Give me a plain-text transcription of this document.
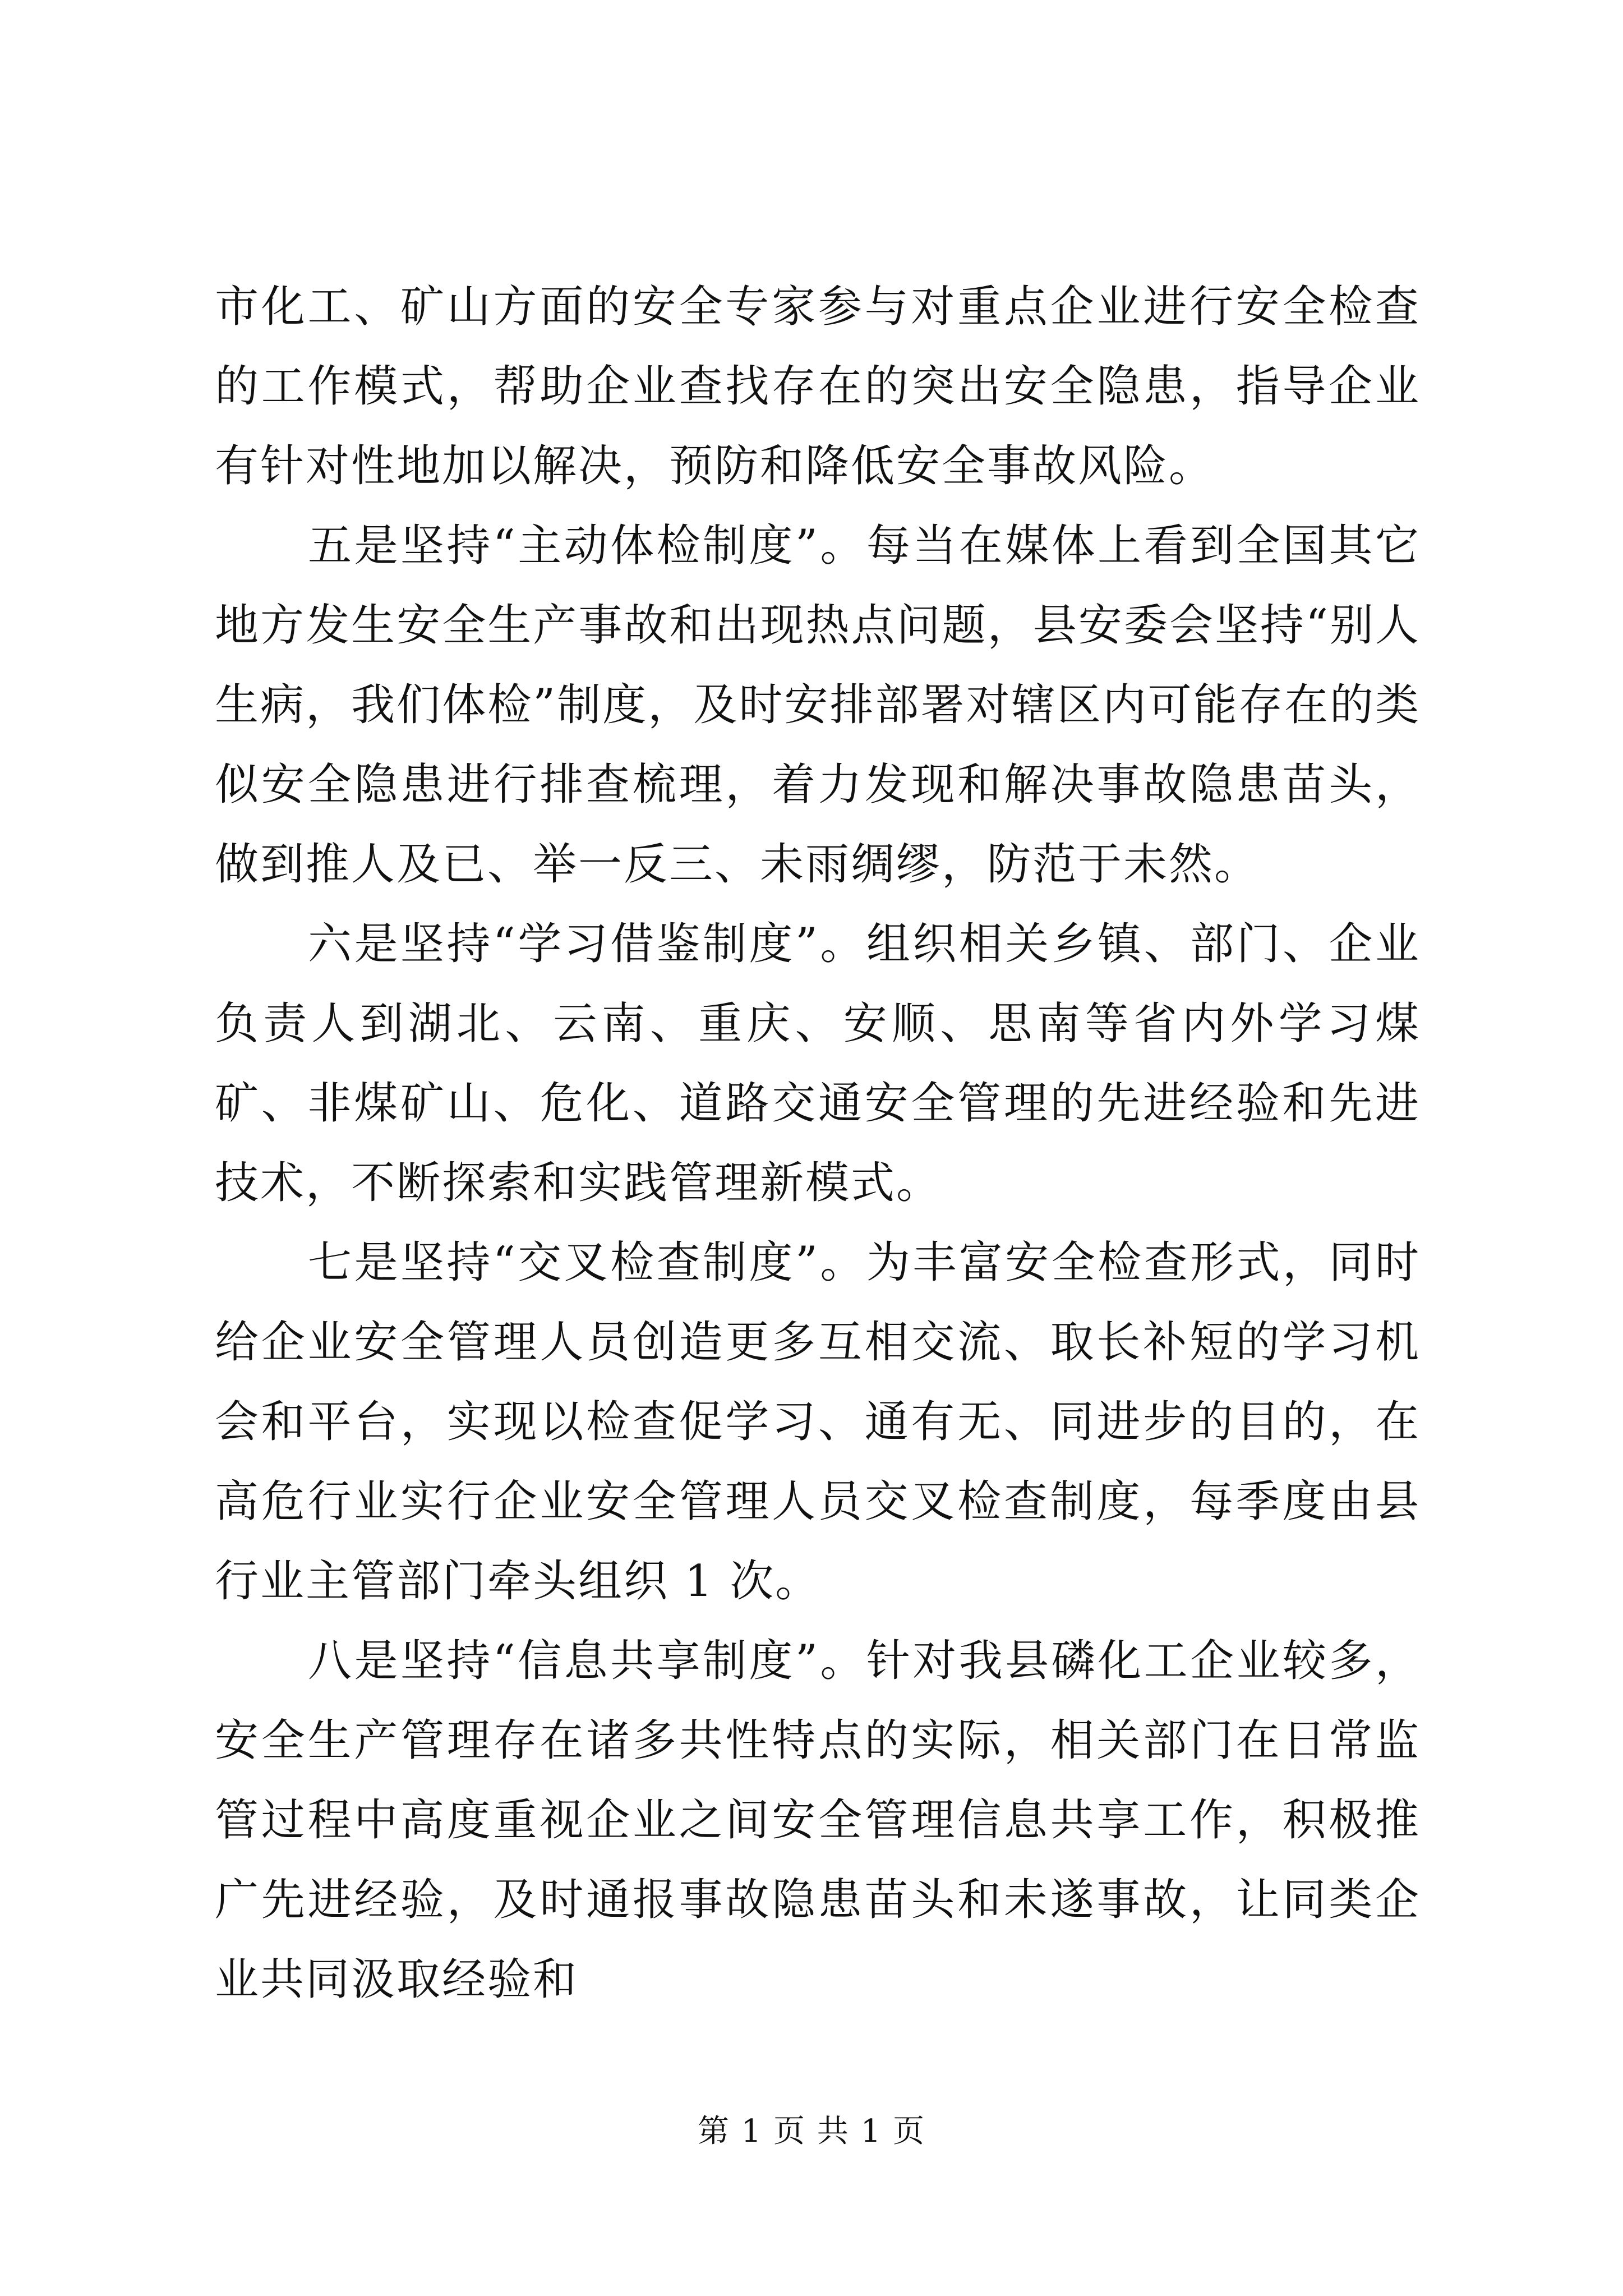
市化工、矿山方面的安全专家参与对重点企业进行安全检查的工作模式，帮助企业查找存在的突出安全隐患，指导企业有针对性地加以解决，预防和降低安全事故风险。

五是坚持“主动体检制度”。每当在媒体上看到全国其它地方发生安全生产事故和出现热点问题，县安委会坚持“别人生病，我们体检”制度，及时安排部署对辖区内可能存在的类似安全隐患进行排查梳理，着力发现和解决事故隐患苗头，做到推人及已、举一反三、未雨绸缪，防范于未然。

六是坚持“学习借鉴制度”。组织相关乡镇、部门、企业负责人到湖北、云南、重庆、安顺、思南等省内外学习煤矿、非煤矿山、危化、道路交通安全管理的先进经验和先进技术，不断探索和实践管理新模式。

七是坚持“交叉检查制度”。为丰富安全检查形式，同时给企业安全管理人员创造更多互相交流、取长补短的学习机会和平台，实现以检查促学习、通有无、同进步的目的，在高危行业实行企业安全管理人员交叉检查制度，每季度由县行业主管部门牵头组织 1 次。

八是坚持“信息共享制度”。针对我县磷化工企业较多，安全生产管理存在诸多共性特点的实际，相关部门在日常监管过程中高度重视企业之间安全管理信息共享工作，积极推广先进经验，及时通报事故隐患苗头和未遂事故，让同类企业共同汲取经验和

第 1 页 共 1 页
